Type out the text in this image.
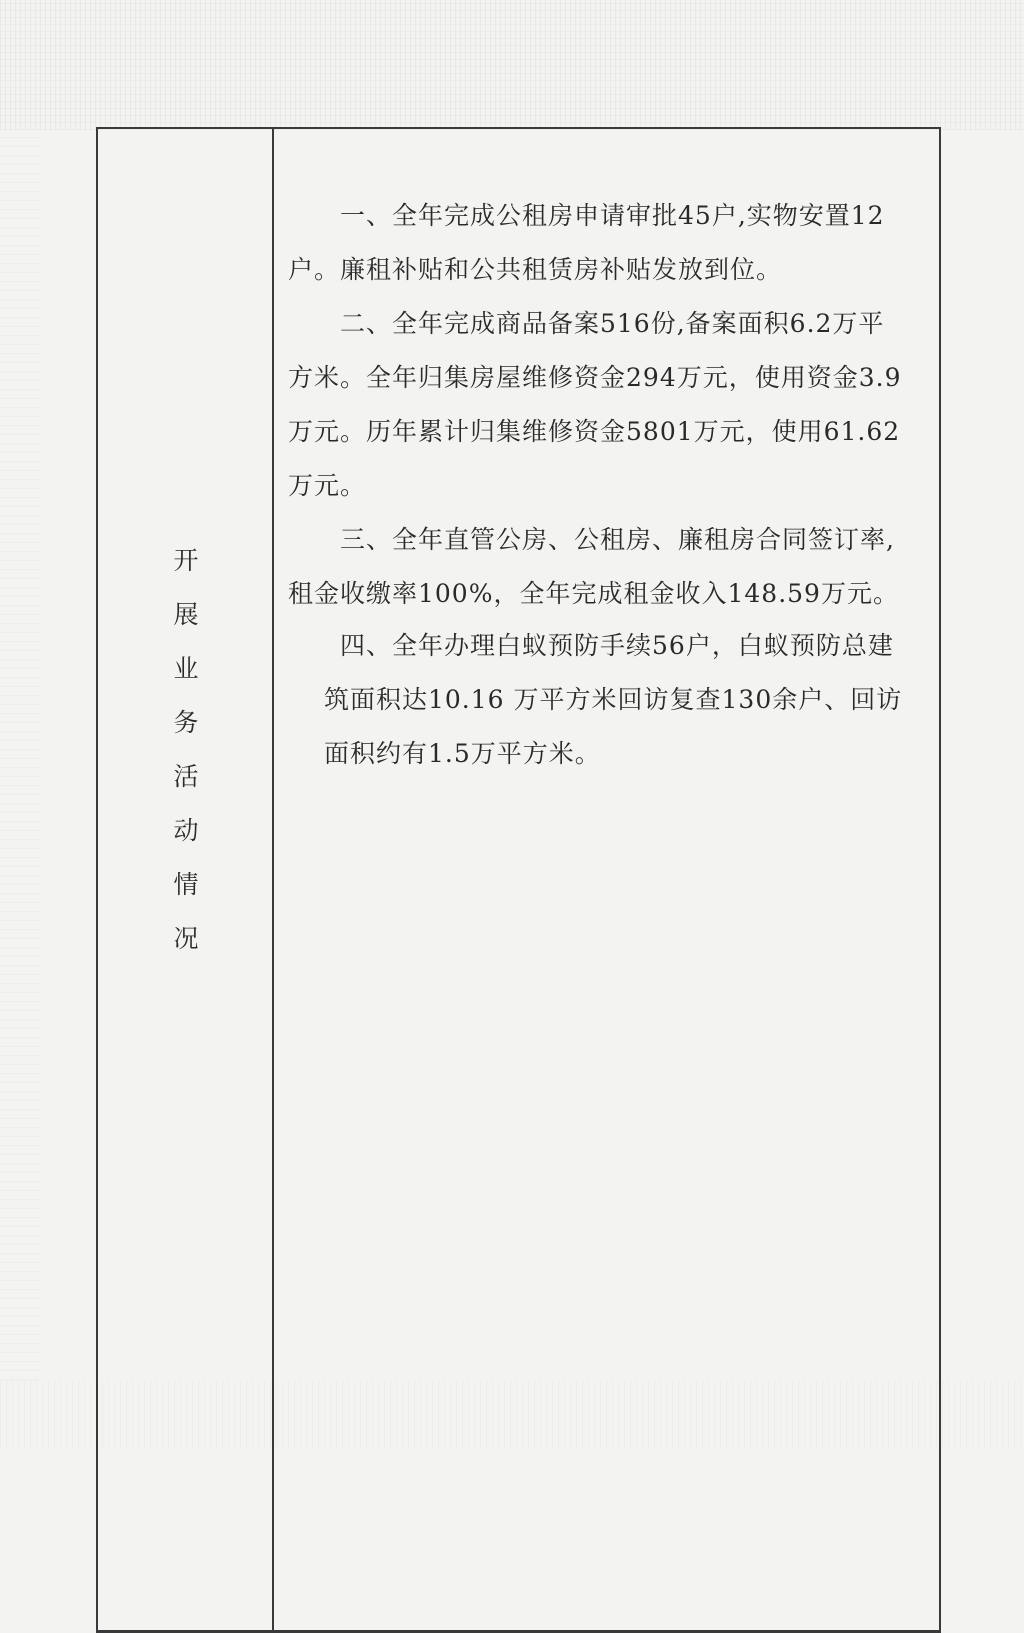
开
展
业
务
活
动
情
况

一、全年完成公租房申请审批45户,实物安置12
户。廉租补贴和公共租赁房补贴发放到位。

二、全年完成商品备案516份,备案面积6.2万平
方米。全年归集房屋维修资金294万元，使用资金3.9
万元。历年累计归集维修资金5801万元，使用61.62
万元。

三、全年直管公房、公租房、廉租房合同签订率,
租金收缴率100%，全年完成租金收入148.59万元。

四、全年办理白蚁预防手续56户，白蚁预防总建
筑面积达10.16 万平方米回访复查130余户、回访
面积约有1.5万平方米。
